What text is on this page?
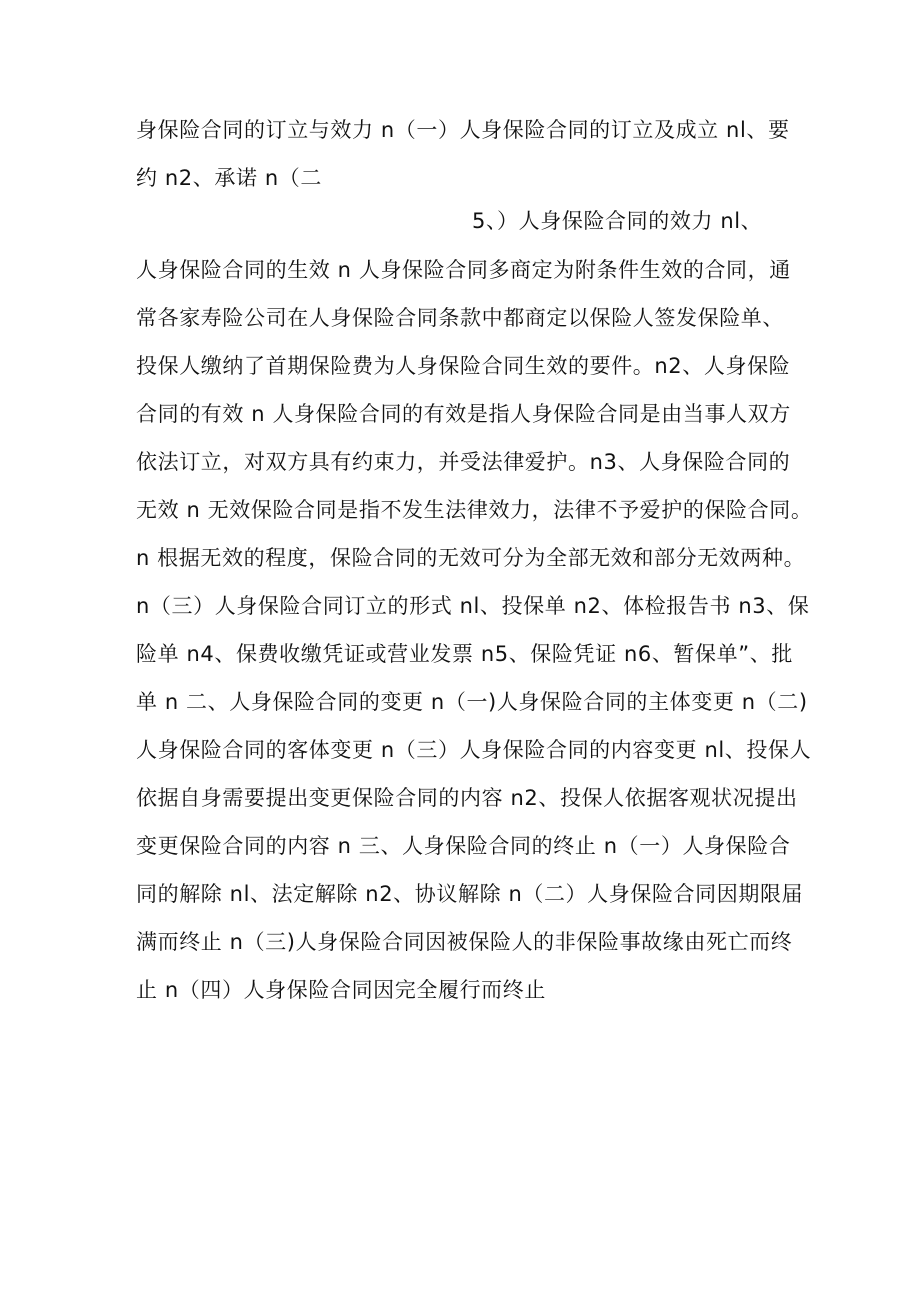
身保险合同的订立与效力 n（一）人身保险合同的订立及成立 nl、要
约 n2、承诺 n（二
5、）人身保险合同的效力 nl、
人身保险合同的生效 n 人身保险合同多商定为附条件生效的合同，通
常各家寿险公司在人身保险合同条款中都商定以保险人签发保险单、
投保人缴纳了首期保险费为人身保险合同生效的要件。n2、人身保险
合同的有效 n 人身保险合同的有效是指人身保险合同是由当事人双方
依法订立，对双方具有约束力，并受法律爱护。n3、人身保险合同的
无效 n 无效保险合同是指不发生法律效力，法律不予爱护的保险合同。
n 根据无效的程度，保险合同的无效可分为全部无效和部分无效两种。
n（三）人身保险合同订立的形式 nl、投保单 n2、体检报告书 n3、保
险单 n4、保费收缴凭证或营业发票 n5、保险凭证 n6、暂保单”、批
单 n 二、人身保险合同的变更 n（一)人身保险合同的主体变更 n（二)
人身保险合同的客体变更 n（三）人身保险合同的内容变更 nl、投保人
依据自身需要提出变更保险合同的内容 n2、投保人依据客观状况提出
变更保险合同的内容 n 三、人身保险合同的终止 n（一）人身保险合
同的解除 nl、法定解除 n2、协议解除 n（二）人身保险合同因期限届
满而终止 n（三)人身保险合同因被保险人的非保险事故缘由死亡而终
止 n（四）人身保险合同因完全履行而终止
